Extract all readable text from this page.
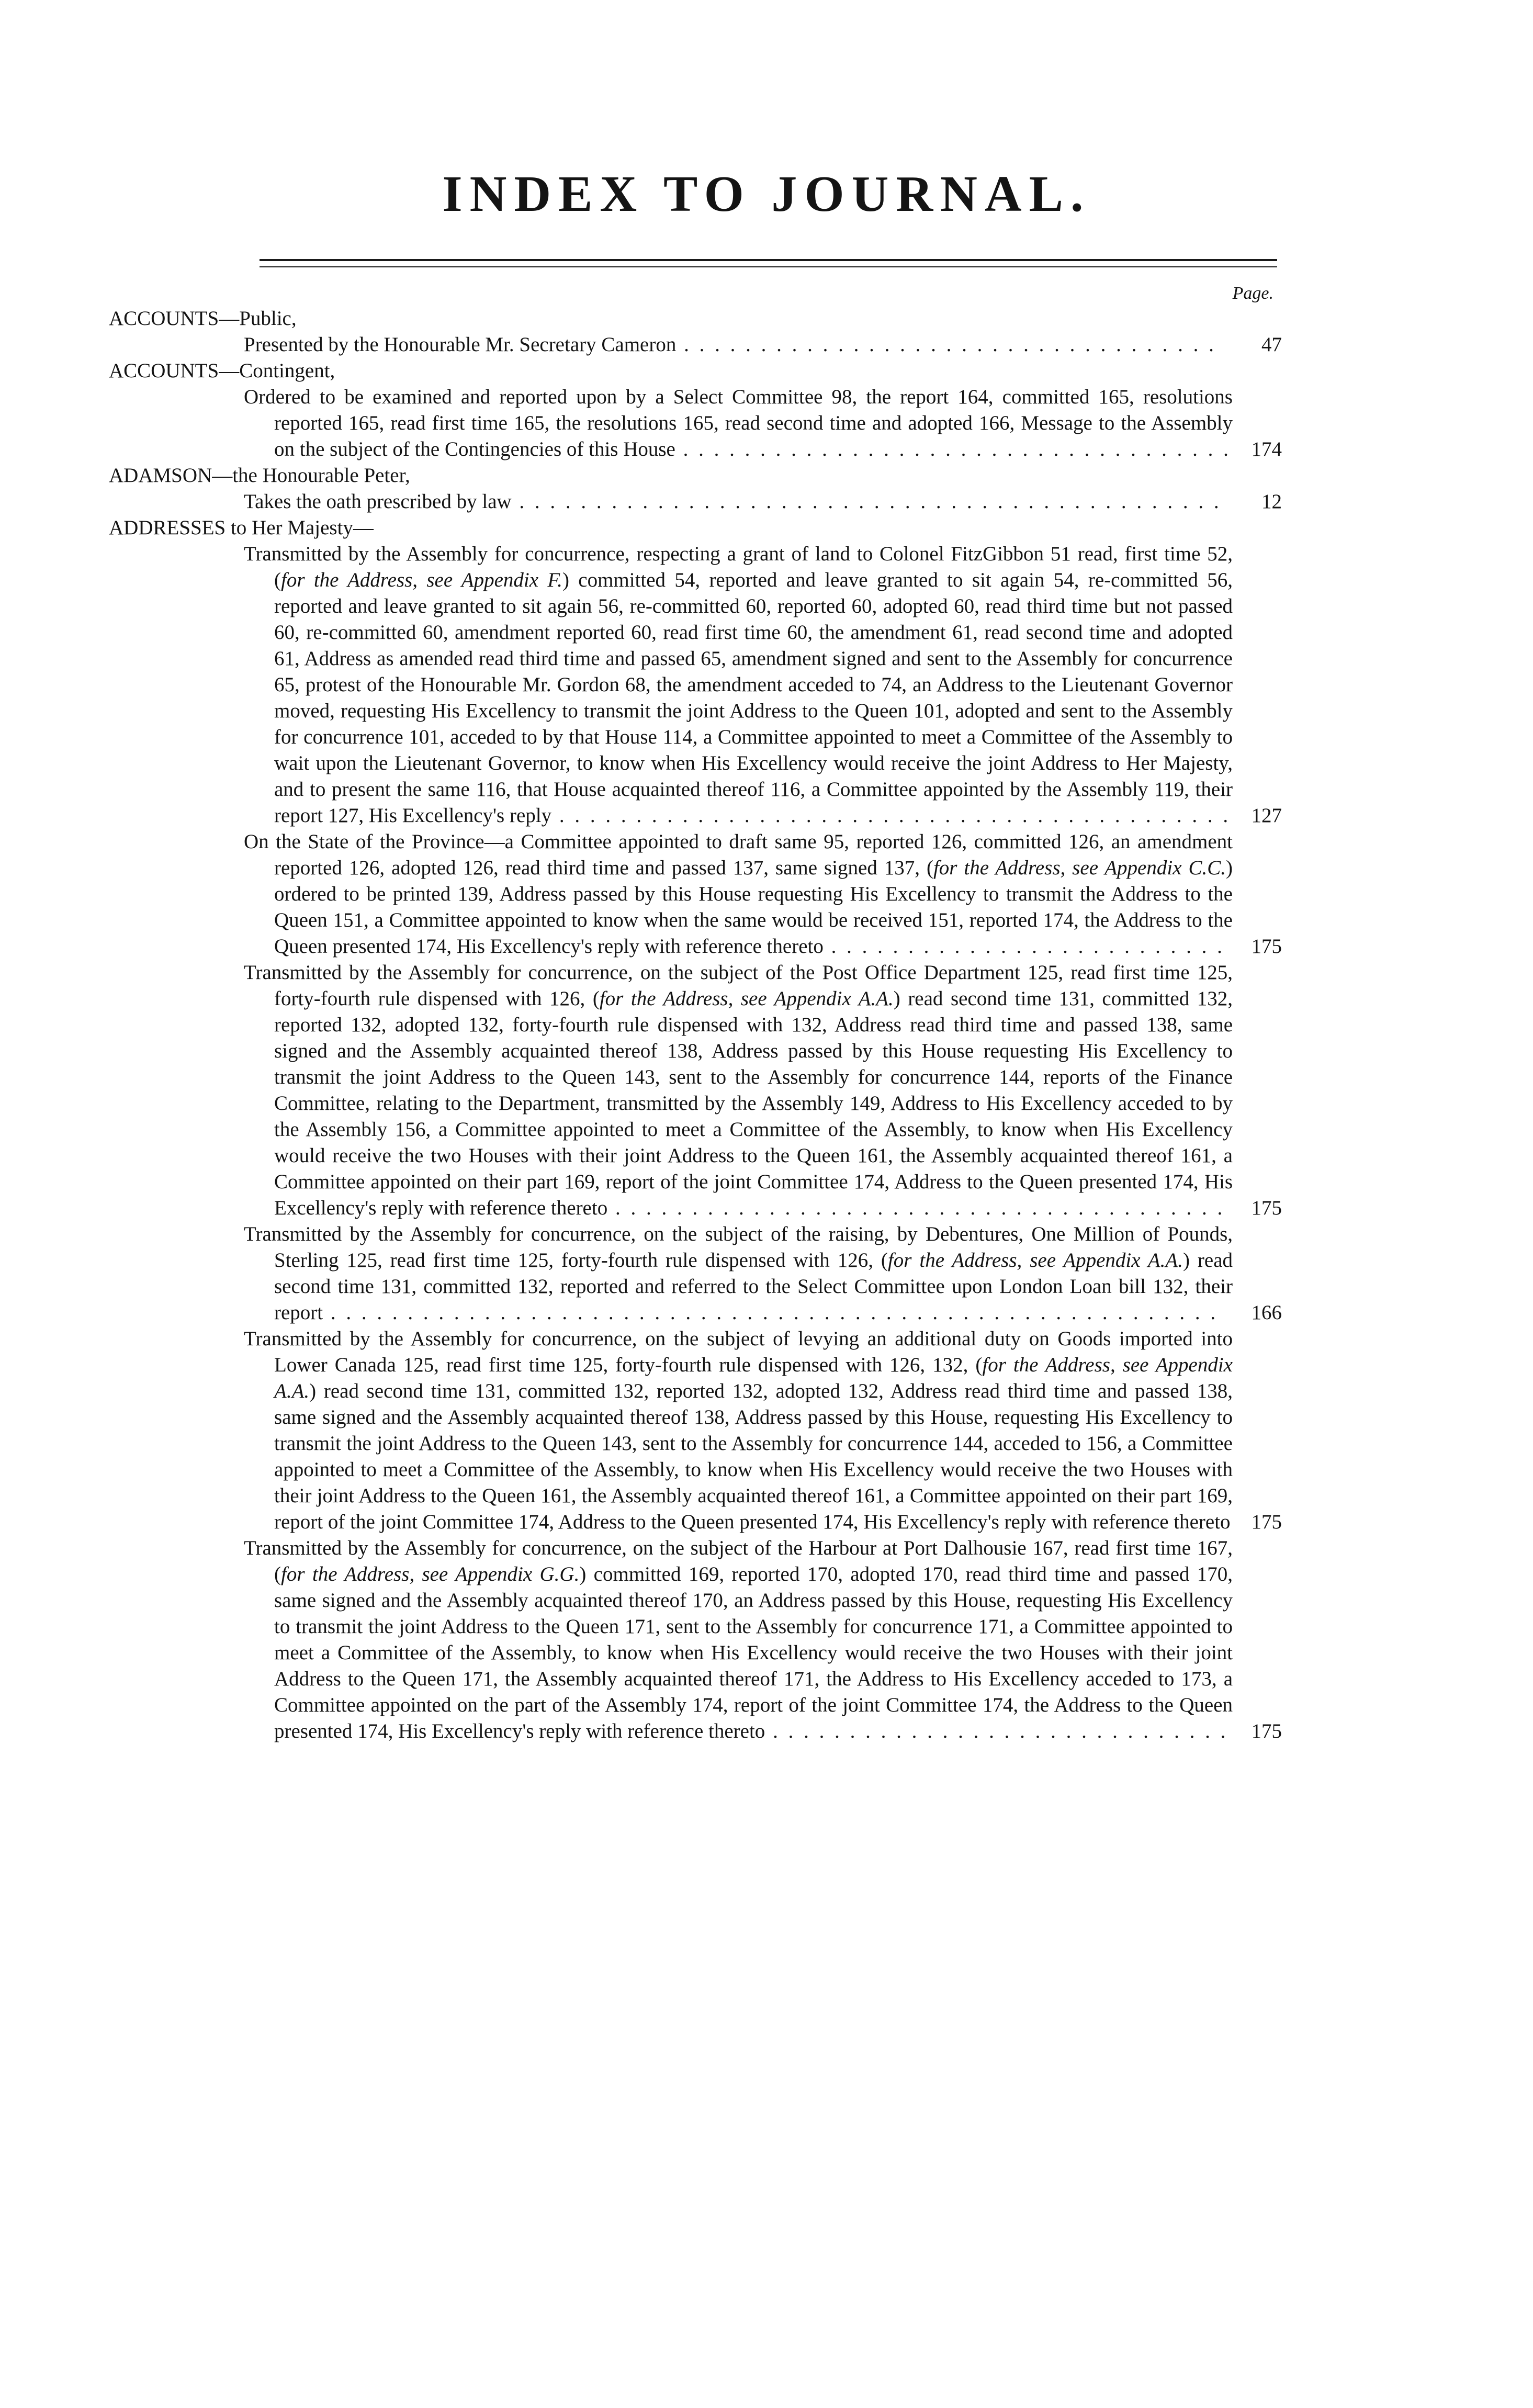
INDEX TO JOURNAL.
Page.
ACCOUNTS—Public,
Presented by the Honourable Mr. Secretary Cameron . . . . . . . . . . . . . . . . . . . . . . . . . . . . . . . . . . .	47
ACCOUNTS—Contingent,
Ordered to be examined and reported upon by a Select Committee 98, the report 164, committed 165, resolutions reported 165, read first time 165, the resolutions 165, read second time and adopted 166, Message to the Assembly on the subject of the Contingencies of this House . . . . . . . . . . . . . . . . . . . . . . . . . . . . . . . . . . . . 174
ADAMSON—the Honourable Peter,
Takes the oath prescribed by law . . . . . . . . . . . . . . . . . . . . . . . . . . . . . . . . . . . . . . . . . . . . . .	12
ADDRESSES to Her Majesty—
Transmitted by the Assembly for concurrence, respecting a grant of land to Colonel FitzGibbon 51 read, first time 52, (for the Address, see Appendix F.) committed 54, reported and leave granted to sit again 54, re-committed 56, reported and leave granted to sit again 56, re-committed 60, reported 60, adopted 60, read third time but not passed 60, re-committed 60, amendment reported 60, read first time 60, the amendment 61, read second time and adopted 61, Address as amended read third time and passed 65, amendment signed and sent to the Assembly for concurrence 65, protest of the Honourable Mr. Gordon 68, the amendment acceded to 74, an Address to the Lieutenant Governor moved, requesting His Excellency to transmit the joint Address to the Queen 101, adopted and sent to the Assembly for concurrence 101, acceded to by that House 114, a Committee appointed to meet a Committee of the Assembly to wait upon the Lieutenant Governor, to know when His Excellency would receive the joint Address to Her Majesty, and to present the same 116, that House acquainted thereof 116, a Committee appointed by the Assembly 119, their report 127, His Excellency's reply . . . . . . . . . . . . . . . . . . . . . . . . . . . . . . . . . . . . . . . . . . . .	127
On the State of the Province—a Committee appointed to draft same 95, reported 126, committed 126, an amendment reported 126, adopted 126, read third time and passed 137, same signed 137, (for the Address, see Appendix C.C.) ordered to be printed 139, Address passed by this House requesting His Excellency to transmit the Address to the Queen 151, a Committee appointed to know when the same would be received 151, reported 174, the Address to the Queen presented 174, His Excellency's reply with reference thereto . . . . . . . . . . . . . . . . . . . . . . . . . .	175
Transmitted by the Assembly for concurrence, on the subject of the Post Office Department 125, read first time 125, forty-fourth rule dispensed with 126, (for the Address, see Appendix A.A.) read second time 131, committed 132, reported 132, adopted 132, forty-fourth rule dispensed with 132, Address read third time and passed 138, same signed and the Assembly acquainted thereof 138, Address passed by this House requesting His Excellency to transmit the joint Address to the Queen 143, sent to the Assembly for concurrence 144, reports of the Finance Committee, relating to the Department, transmitted by the Assembly 149, Address to His Excellency acceded to by the Assembly 156, a Committee appointed to meet a Committee of the Assembly, to know when His Excellency would receive the two Houses with their joint Address to the Queen 161, the Assembly acquainted thereof 161, a Committee appointed on their part 169, report of the joint Committee 174, Address to the Queen presented 174, His Excellency's reply with reference thereto . . . . . . . . . . . . . . . . . . . . . . . . . . . . . . . . . . . . . . . .	175
Transmitted by the Assembly for concurrence, on the subject of the raising, by Debentures, One Million of Pounds, Sterling 125, read first time 125, forty-fourth rule dispensed with 126, (for the Address, see Appendix A.A.) read second time 131, committed 132, reported and referred to the Select Committee upon London Loan bill 132, their report . . . . . . . . . . . . . . . . . . . . . . . . . . . . . . . . . . . . . . . . . . . . . . . . . . . . . . . . . .	166
Transmitted by the Assembly for concurrence, on the subject of levying an additional duty on Goods imported into Lower Canada 125, read first time 125, forty-fourth rule dispensed with 126, 132, (for the Address, see Appendix A.A.) read second time 131, committed 132, reported 132, adopted 132, Address read third time and passed 138, same signed and the Assembly acquainted thereof 138, Address passed by this House, requesting His Excellency to transmit the joint Address to the Queen 143, sent to the Assembly for concurrence 144, acceded to 156, a Committee appointed to meet a Committee of the Assembly, to know when His Excellency would receive the two Houses with their joint Address to the Queen 161, the Assembly acquainted thereof 161, a Committee appointed on their part 169, report of the joint Committee 174, Address to the Queen presented 174, His Excellency's reply with reference thereto	175
Transmitted by the Assembly for concurrence, on the subject of the Harbour at Port Dalhousie 167, read first time 167, (for the Address, see Appendix G.G.) committed 169, reported 170, adopted 170, read third time and passed 170, same signed and the Assembly acquainted thereof 170, an Address passed by this House, requesting His Excellency to transmit the joint Address to the Queen 171, sent to the Assembly for concurrence 171, a Committee appointed to meet a Committee of the Assembly, to know when His Excellency would receive the two Houses with their joint Address to the Queen 171, the Assembly acquainted thereof 171, the Address to His Excellency acceded to 173, a Committee appointed on the part of the Assembly 174, report of the joint Committee 174, the Address to the Queen presented 174, His Excellency's reply with reference thereto . . . . . . . . . . . . . . . . . . . . . . . . . . . . . .	175
